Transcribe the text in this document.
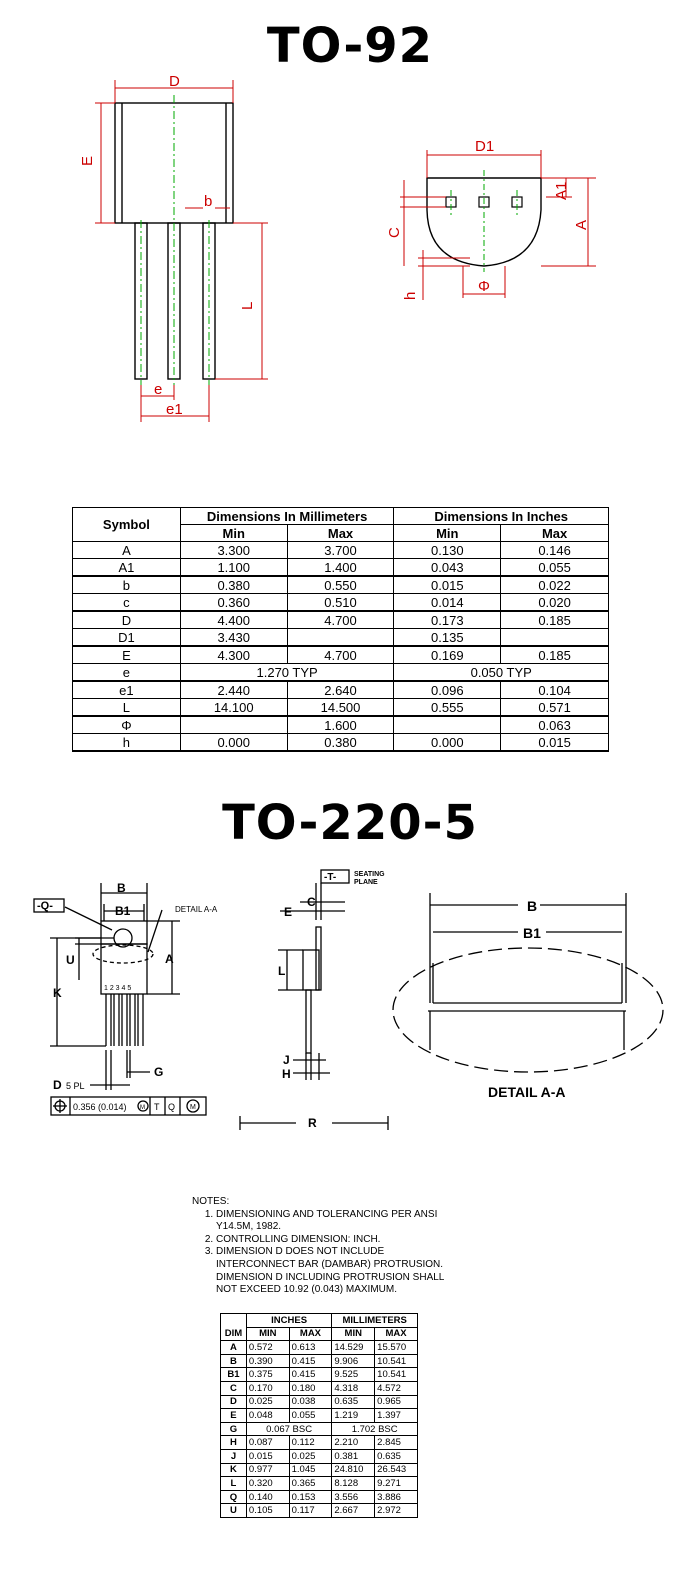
TO-92
D
E
b
L
e
e1
D1
A1
A
C
h
Φ
Symbol	Dimensions In Millimeters		Dimensions In Inches	
	Min	Max	Min	Max
A	3.300	3.700	0.130	0.146
A1	1.100	1.400	0.043	0.055
b	0.380	0.550	0.015	0.022
c	0.360	0.510	0.014	0.020
D	4.400	4.700	0.173	0.185
D1	3.430		0.135	
E	4.300	4.700	0.169	0.185
e	1.270 TYP		0.050 TYP	
e1	2.440	2.640	0.096	0.104
L	14.100	14.500	0.555	0.571
Φ		1.600		0.063
h	0.000	0.380	0.000	0.015
TO-220-5
-Q-
B
B1	DETAIL A-A
U	A
K	1 2 3 4 5
G
D 5 PL
0.356 (0.014) M T Q M
-T-	SEATING
PLANE
C
E
L
J
H
R
B
B1
DETAIL A-A
NOTES:
1. DIMENSIONING AND TOLERANCING PER ANSI Y14.5M, 1982.
2. CONTROLLING DIMENSION: INCH.
3. DIMENSION D DOES NOT INCLUDE INTERCONNECT BAR (DAMBAR) PROTRUSION. DIMENSION D INCLUDING PROTRUSION SHALL NOT EXCEED 10.92 (0.043) MAXIMUM.
	INCHES		MILLIMETERS	
DIM	MIN	MAX	MIN	MAX
A	0.572	0.613	14.529	15.570
B	0.390	0.415	9.906	10.541
B1	0.375	0.415	9.525	10.541
C	0.170	0.180	4.318	4.572
D	0.025	0.038	0.635	0.965
E	0.048	0.055	1.219	1.397
G	0.067 BSC		1.702 BSC	
H	0.087	0.112	2.210	2.845
J	0.015	0.025	0.381	0.635
K	0.977	1.045	24.810	26.543
L	0.320	0.365	8.128	9.271
Q	0.140	0.153	3.556	3.886
U	0.105	0.117	2.667	2.972
